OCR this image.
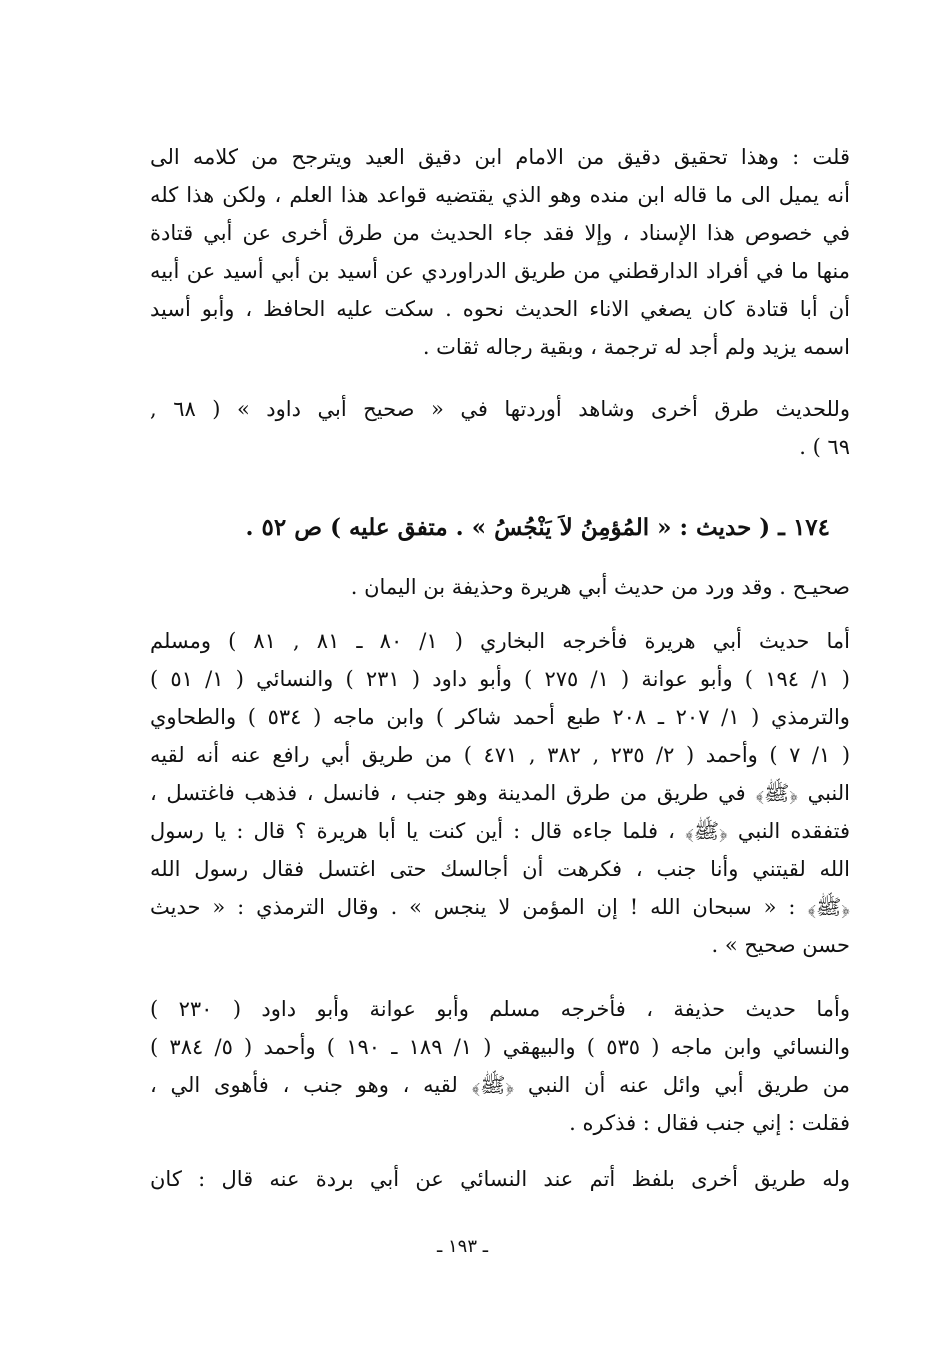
قلت : وهذا تحقيق دقيق من الامام ابن دقيق العيد ويترجح من كلامه الى
أنه يميل الى ما قاله ابن منده وهو الذي يقتضيه قواعد هذا العلم ، ولكن هذا كله
في خصوص هذا الإسناد ، وإلا فقد جاء الحديث من طرق أخرى عن أبي قتادة
منها ما في أفراد الدارقطني من طريق الدراوردي عن أسيد بن أبي أسيد عن أبيه
أن أبا قتادة كان يصغي الاناء الحديث نحوه . سكت عليه الحافظ ، وأبو أسيد
اسمه يزيد ولم أجد له ترجمة ، وبقية رجاله ثقات .
وللحديث طرق أخرى وشاهد أوردتها في « صحيح أبي داود » ( ٦٨ ,
٦٩ ) .
١٧٤ ـ ( حديث : « المُؤمِنُ لاَ يَنْجُسُ » . متفق عليه ) ص ٥٢ .
صحيـح . وقد ورد من حديث أبي هريرة وحذيفة بن اليمان .
أما حديث أبي هريرة فأخرجه البخاري ( ١/ ٨٠ ـ ٨١ , ٨١ ) ومسلم
( ١/ ١٩٤ ) وأبو عوانة ( ١/ ٢٧٥ ) وأبو داود ( ٢٣١ ) والنسائي ( ١/ ٥١ )
والترمذي ( ١/ ٢٠٧ ـ ٢٠٨ طبع أحمد شاكر ) وابن ماجه ( ٥٣٤ ) والطحاوي
( ١/ ٧ ) وأحمد ( ٢/ ٢٣٥ , ٣٨٢ , ٤٧١ ) من طريق أبي رافع عنه أنه لقيه
النبي ﴿ﷺ﴾ في طريق من طرق المدينة وهو جنب ، فانسل ، فذهب فاغتسل ،
فتفقده النبي ﴿ﷺ﴾ ، فلما جاءه قال : أين كنت يا أبا هريرة ؟ قال : يا رسول
الله لقيتني وأنا جنب ، فكرهت أن أجالسك حتى اغتسل فقال رسول الله
﴿ﷺ﴾ : « سبحان الله ! إن المؤمن لا ينجس » . وقال الترمذي : « حديث
حسن صحيح » .
وأما حديث حذيفة ، فأخرجه مسلم وأبو عوانة وأبو داود ( ٢٣٠ )
والنسائي وابن ماجه ( ٥٣٥ ) والبيهقي ( ١/ ١٨٩ ـ ١٩٠ ) وأحمد ( ٥/ ٣٨٤ )
من طريق أبي وائل عنه أن النبي ﴿ﷺ﴾ لقيه ، وهو جنب ، فأهوى الي ،
فقلت : إني جنب فقال : فذكره .
وله طريق أخرى بلفظ أتم عند النسائي عن أبي بردة عنه قال : كان
ـ ١٩٣ ـ
